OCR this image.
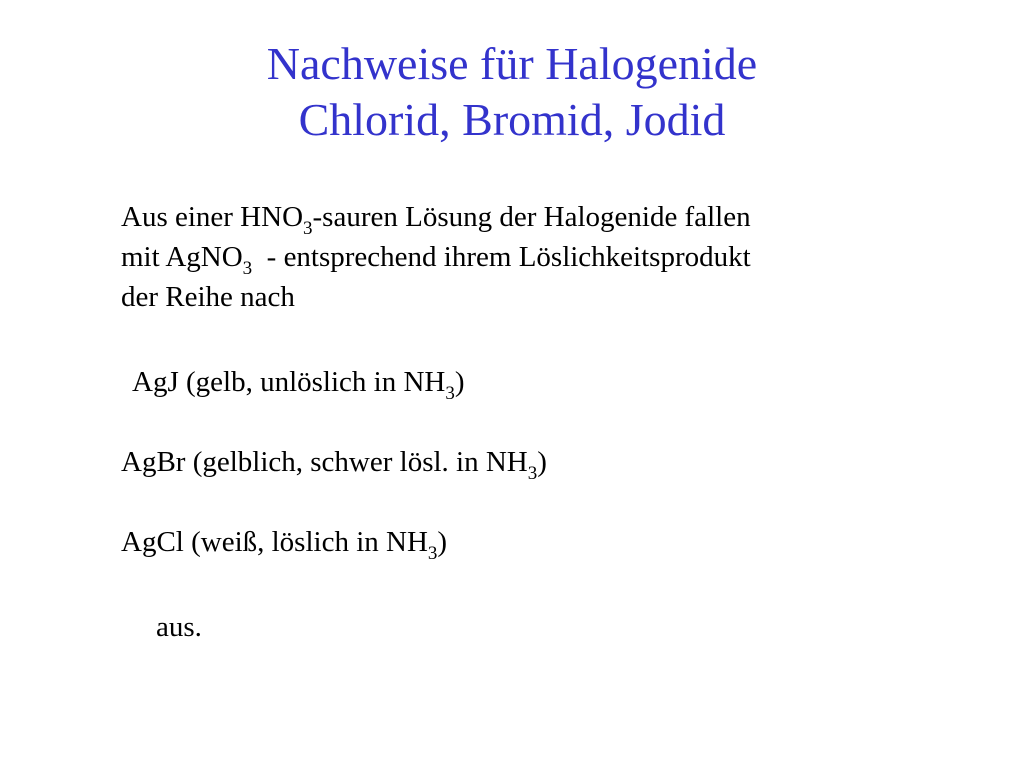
Nachweise für Halogenide
Chlorid, Bromid, Jodid
Aus einer $HNO_3$-sauren Lösung der Halogenide fallen
mit AgNO$_3$  - entsprechend ihrem Löslichkeitsprodukt
der Reihe nach
AgJ (gelb, unlöslich in $NH_3$)
AgBr (gelblich, schwer lösl. in $NH_3$)
AgCl (weiß, löslich in $NH_3$)
aus.
